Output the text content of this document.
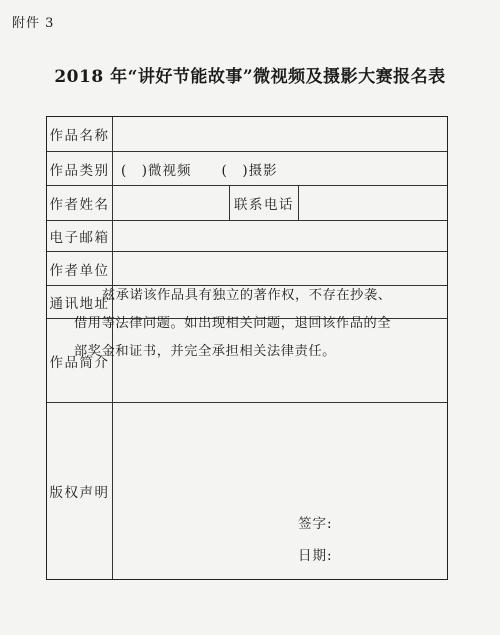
附件 3
2018 年“讲好节能故事”微视频及摄影大赛报名表
作品名称
作品类别 (　)微视频 (　)摄影
作者姓名	联系电话
电子邮箱
作者单位
通讯地址
作品简介
版权声明

兹承诺该作品具有独立的著作权，不存在抄袭、借用等法律问题。如出现相关问题，退回该作品的全部奖金和证书，并完全承担相关法律责任。

签字:
日期:
